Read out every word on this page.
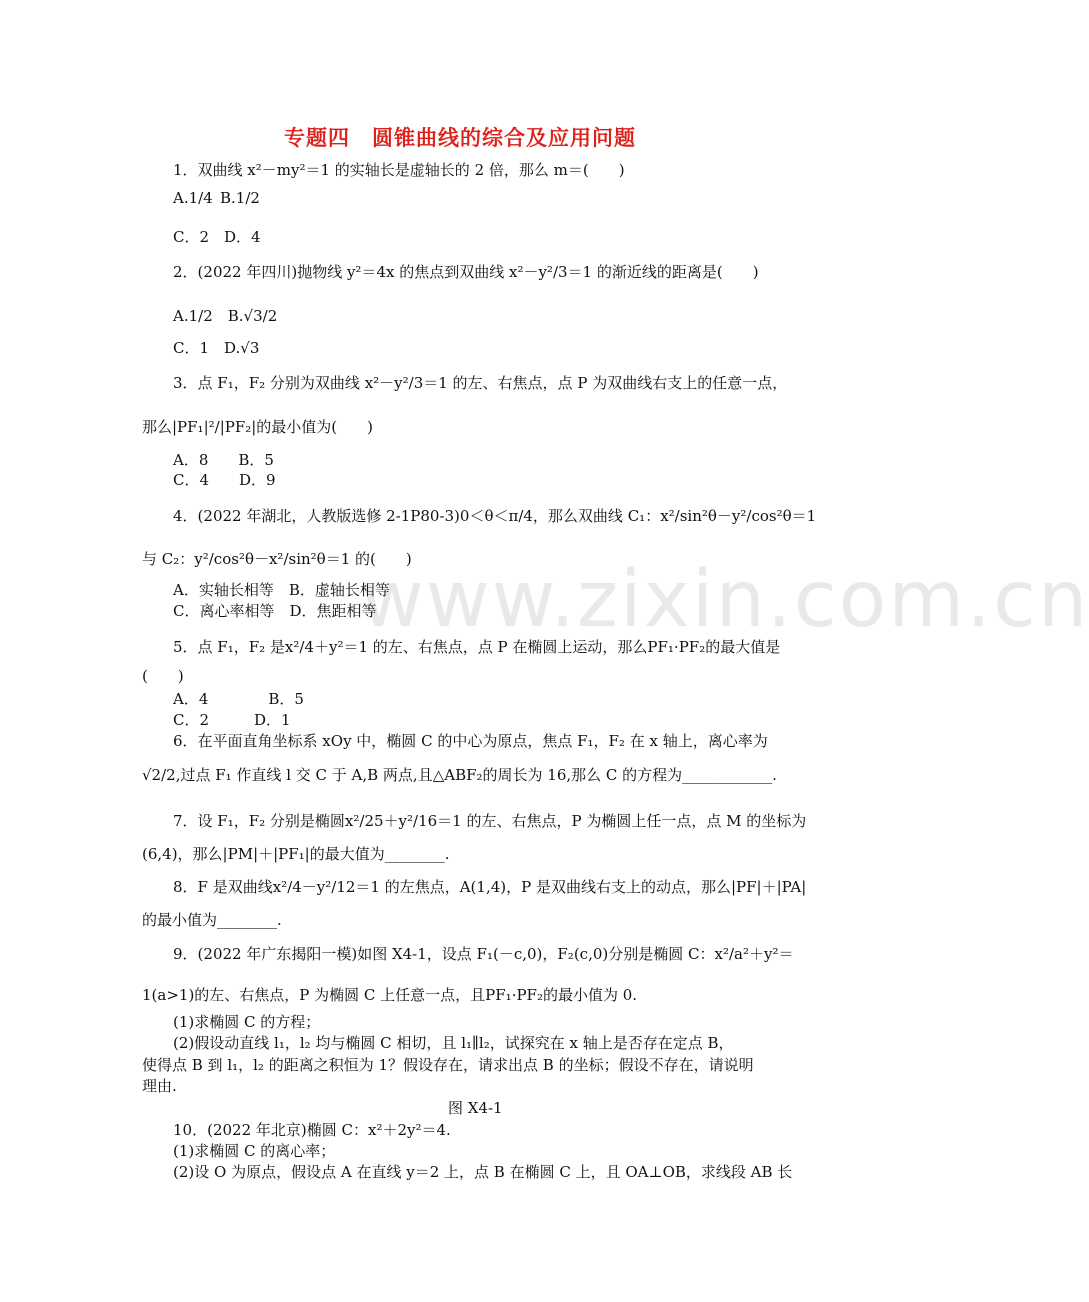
www.zixin.com.cn
专题四　圆锥曲线的综合及应用问题
1．双曲线 x²－my²＝1 的实轴长是虚轴长的 2 倍，那么 m＝(　　)
A.1/4 B.1/2
C．2　D．4
2．(2022 年四川)抛物线 y²＝4x 的焦点到双曲线 x²－y²/3＝1 的渐近线的距离是(　　)
A.1/2　B.√3/2
C．1　D.√3
3．点 F₁，F₂ 分别为双曲线 x²－y²/3＝1 的左、右焦点，点 P 为双曲线右支上的任意一点，
那么|PF₁|²/|PF₂|的最小值为(　　)
A．8　　B．5
C．4　　D．9
4．(2022 年湖北，人教版选修 2-1P80-3)0＜θ＜π/4，那么双曲线 C₁：x²/sin²θ－y²/cos²θ＝1
与 C₂：y²/cos²θ－x²/sin²θ＝1 的(　　)
A．实轴长相等　B．虚轴长相等
C．离心率相等　D．焦距相等
5．点 F₁，F₂ 是x²/4＋y²＝1 的左、右焦点，点 P 在椭圆上运动，那么PF₁·PF₂的最大值是
(　　)
A．4　　　　B．5
C．2　　　D．1
6．在平面直角坐标系 xOy 中，椭圆 C 的中心为原点，焦点 F₁，F₂ 在 x 轴上，离心率为
√2/2,过点 F₁ 作直线 l 交 C 于 A,B 两点,且△ABF₂的周长为 16,那么 C 的方程为____________.
7．设 F₁，F₂ 分别是椭圆x²/25＋y²/16＝1 的左、右焦点，P 为椭圆上任一点，点 M 的坐标为
(6,4)，那么|PM|＋|PF₁|的最大值为________.
8．F 是双曲线x²/4－y²/12＝1 的左焦点，A(1,4)，P 是双曲线右支上的动点，那么|PF|＋|PA|
的最小值为________.
9．(2022 年广东揭阳一模)如图 X4-1，设点 F₁(－c,0)，F₂(c,0)分别是椭圆 C：x²/a²＋y²＝
1(a>1)的左、右焦点，P 为椭圆 C 上任意一点，且PF₁·PF₂的最小值为 0.
(1)求椭圆 C 的方程；
(2)假设动直线 l₁，l₂ 均与椭圆 C 相切，且 l₁∥l₂，试探究在 x 轴上是否存在定点 B，
使得点 B 到 l₁，l₂ 的距离之积恒为 1？假设存在，请求出点 B 的坐标；假设不存在，请说明
理由.
图 X4-1
10．(2022 年北京)椭圆 C：x²＋2y²＝4.
(1)求椭圆 C 的离心率；
(2)设 O 为原点，假设点 A 在直线 y＝2 上，点 B 在椭圆 C 上，且 OA⊥OB，求线段 AB 长
